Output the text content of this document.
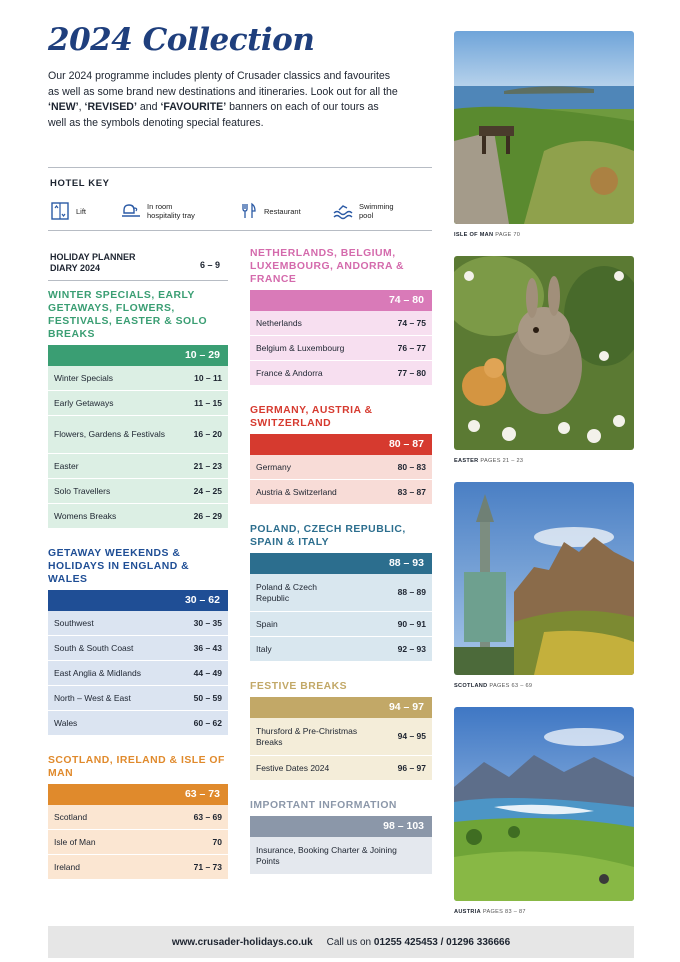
2024 Collection

Our 2024 programme includes plenty of Crusader classics and favourites as well as some brand new destinations and itineraries. Look out for all the ‘NEW’, ‘REVISED’ and ‘FAVOURITE’ banners on each of our tours as well as the symbols denoting special features.

HOTEL KEY
Lift	In room
hospitality tray	Restaurant	Swimming
pool
HOLIDAY PLANNER
DIARY 2024	6 – 9
WINTER SPECIALS, EARLY GETAWAYS, FLOWERS, FESTIVALS, EASTER & SOLO BREAKS
10 – 29
Winter Specials	10 – 11
Early Getaways	11 – 15
Flowers, Gardens & Festivals	16 – 20
Easter	21 – 23
Solo Travellers	24 – 25
Womens Breaks	26 – 29
GETAWAY WEEKENDS & HOLIDAYS IN ENGLAND & WALES
30 – 62
Southwest	30 – 35
South & South Coast	36 – 43
East Anglia & Midlands	44 – 49
North – West & East	50 – 59
Wales	60 – 62
SCOTLAND, IRELAND & ISLE OF MAN
63 – 73
Scotland	63 – 69
Isle of Man	70
Ireland	71 – 73
NETHERLANDS, BELGIUM, LUXEMBOURG, ANDORRA & FRANCE
74 – 80
Netherlands	74 – 75
Belgium & Luxembourg	76 – 77
France & Andorra	77 – 80
GERMANY, AUSTRIA & SWITZERLAND
80 – 87
Germany	80 – 83
Austria & Switzerland	83 – 87
POLAND, CZECH REPUBLIC, SPAIN & ITALY
88 – 93
Poland & Czech Republic
88 – 89
Spain	90 – 91
Italy	92 – 93
FESTIVE BREAKS
94 – 97
Thursford & Pre-Christmas Breaks
94 – 95
Festive Dates 2024	96 – 97
IMPORTANT INFORMATION
98 – 103
Insurance, Booking Charter & Joining Points
ISLE OF MAN PAGE 70
EASTER PAGES 21 – 23
SCOTLAND PAGES 63 – 69
AUSTRIA PAGES 83 – 87
www.crusader-holidays.co.uk Call us on 01255 425453 / 01296 336666
